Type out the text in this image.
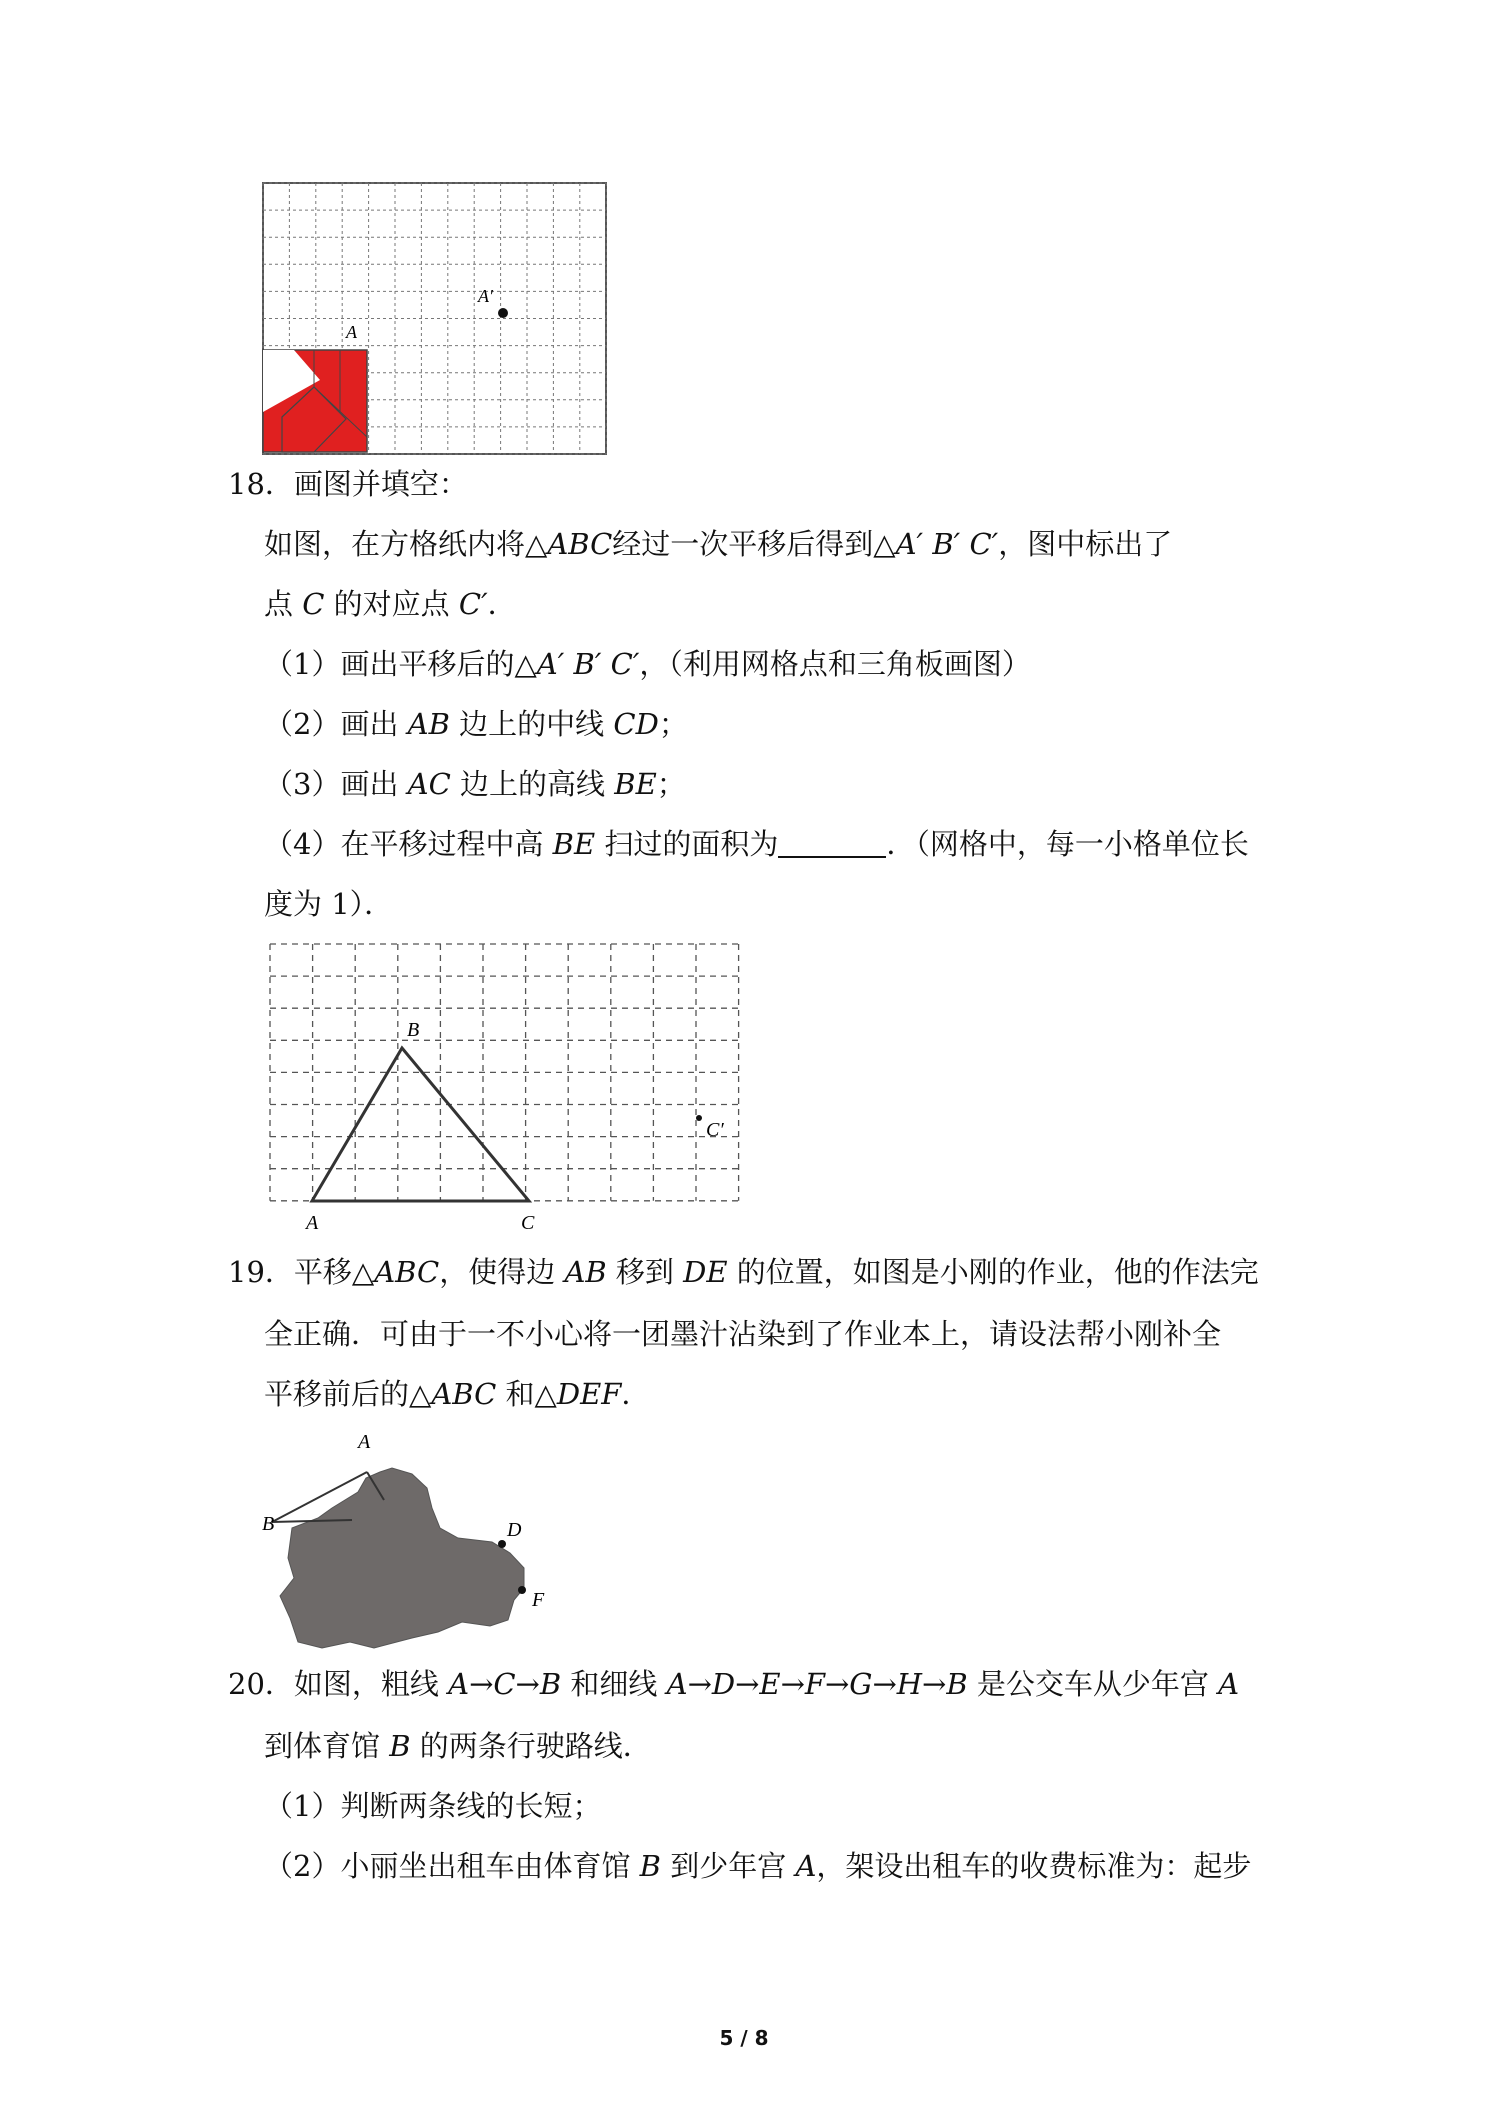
A
A′
18．画图并填空：
如图，在方格纸内将△ABC经过一次平移后得到△A′ B′ C′，图中标出了
点 C 的对应点 C′．
（1）画出平移后的△A′ B′ C′，（利用网格点和三角板画图）
（2）画出 AB 边上的中线 CD；
（3）画出 AC 边上的高线 BE；
（4）在平移过程中高 BE 扫过的面积为	．（网格中，每一小格单位长
度为 1）．
B
A	C
C′
19．平移△ABC，使得边 AB 移到 DE 的位置，如图是小刚的作业，他的作法完
全正确．可由于一不小心将一团墨汁沾染到了作业本上，请设法帮小刚补全
平移前后的△ABC 和△DEF．
A
B	D
F
20．如图，粗线 A→C→B 和细线 A→D→E→F→G→H→B 是公交车从少年宫 A
到体育馆 B 的两条行驶路线．
（1）判断两条线的长短；
（2）小丽坐出租车由体育馆 B 到少年宫 A，架设出租车的收费标准为：起步
5 / 8
